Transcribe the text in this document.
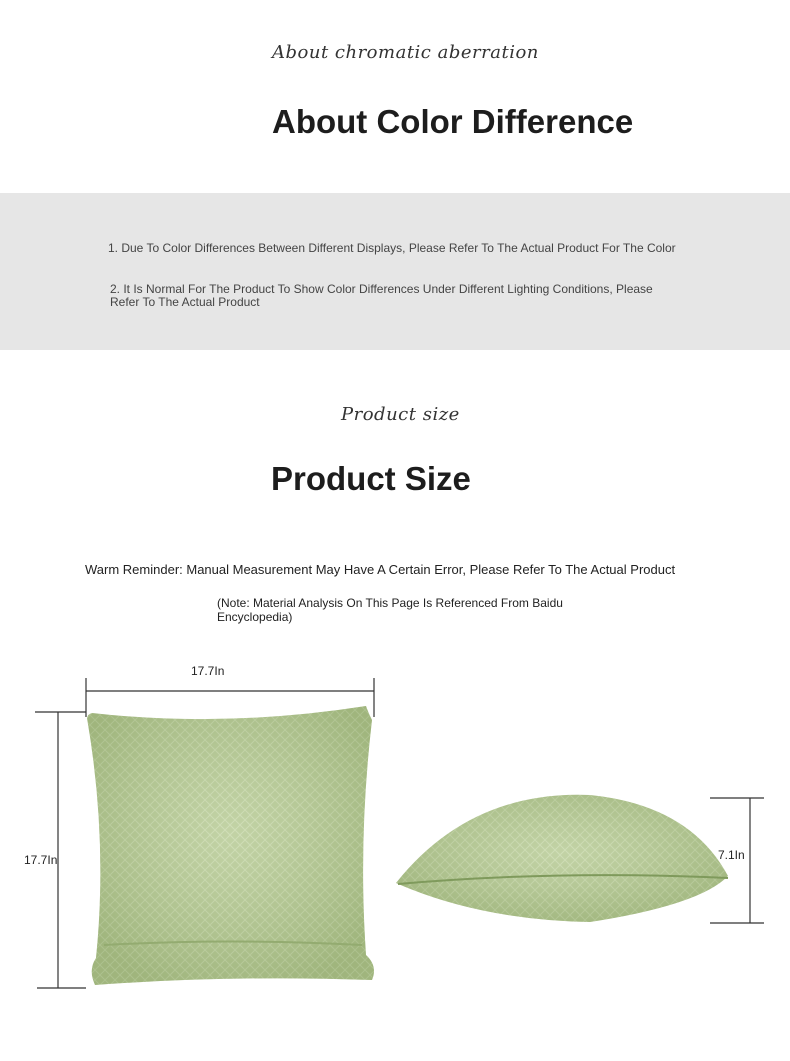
About chromatic aberration
About Color Difference
1. Due To Color Differences Between Different Displays, Please Refer To The Actual Product For The Color
2. It Is Normal For The Product To Show Color Differences Under Different Lighting Conditions, Please Refer To The Actual Product
Product size
Product Size
Warm Reminder: Manual Measurement May Have A Certain Error, Please Refer To The Actual Product
(Note: Material Analysis On This Page Is Referenced From Baidu Encyclopedia)
17.7In
17.7In	7.1In
